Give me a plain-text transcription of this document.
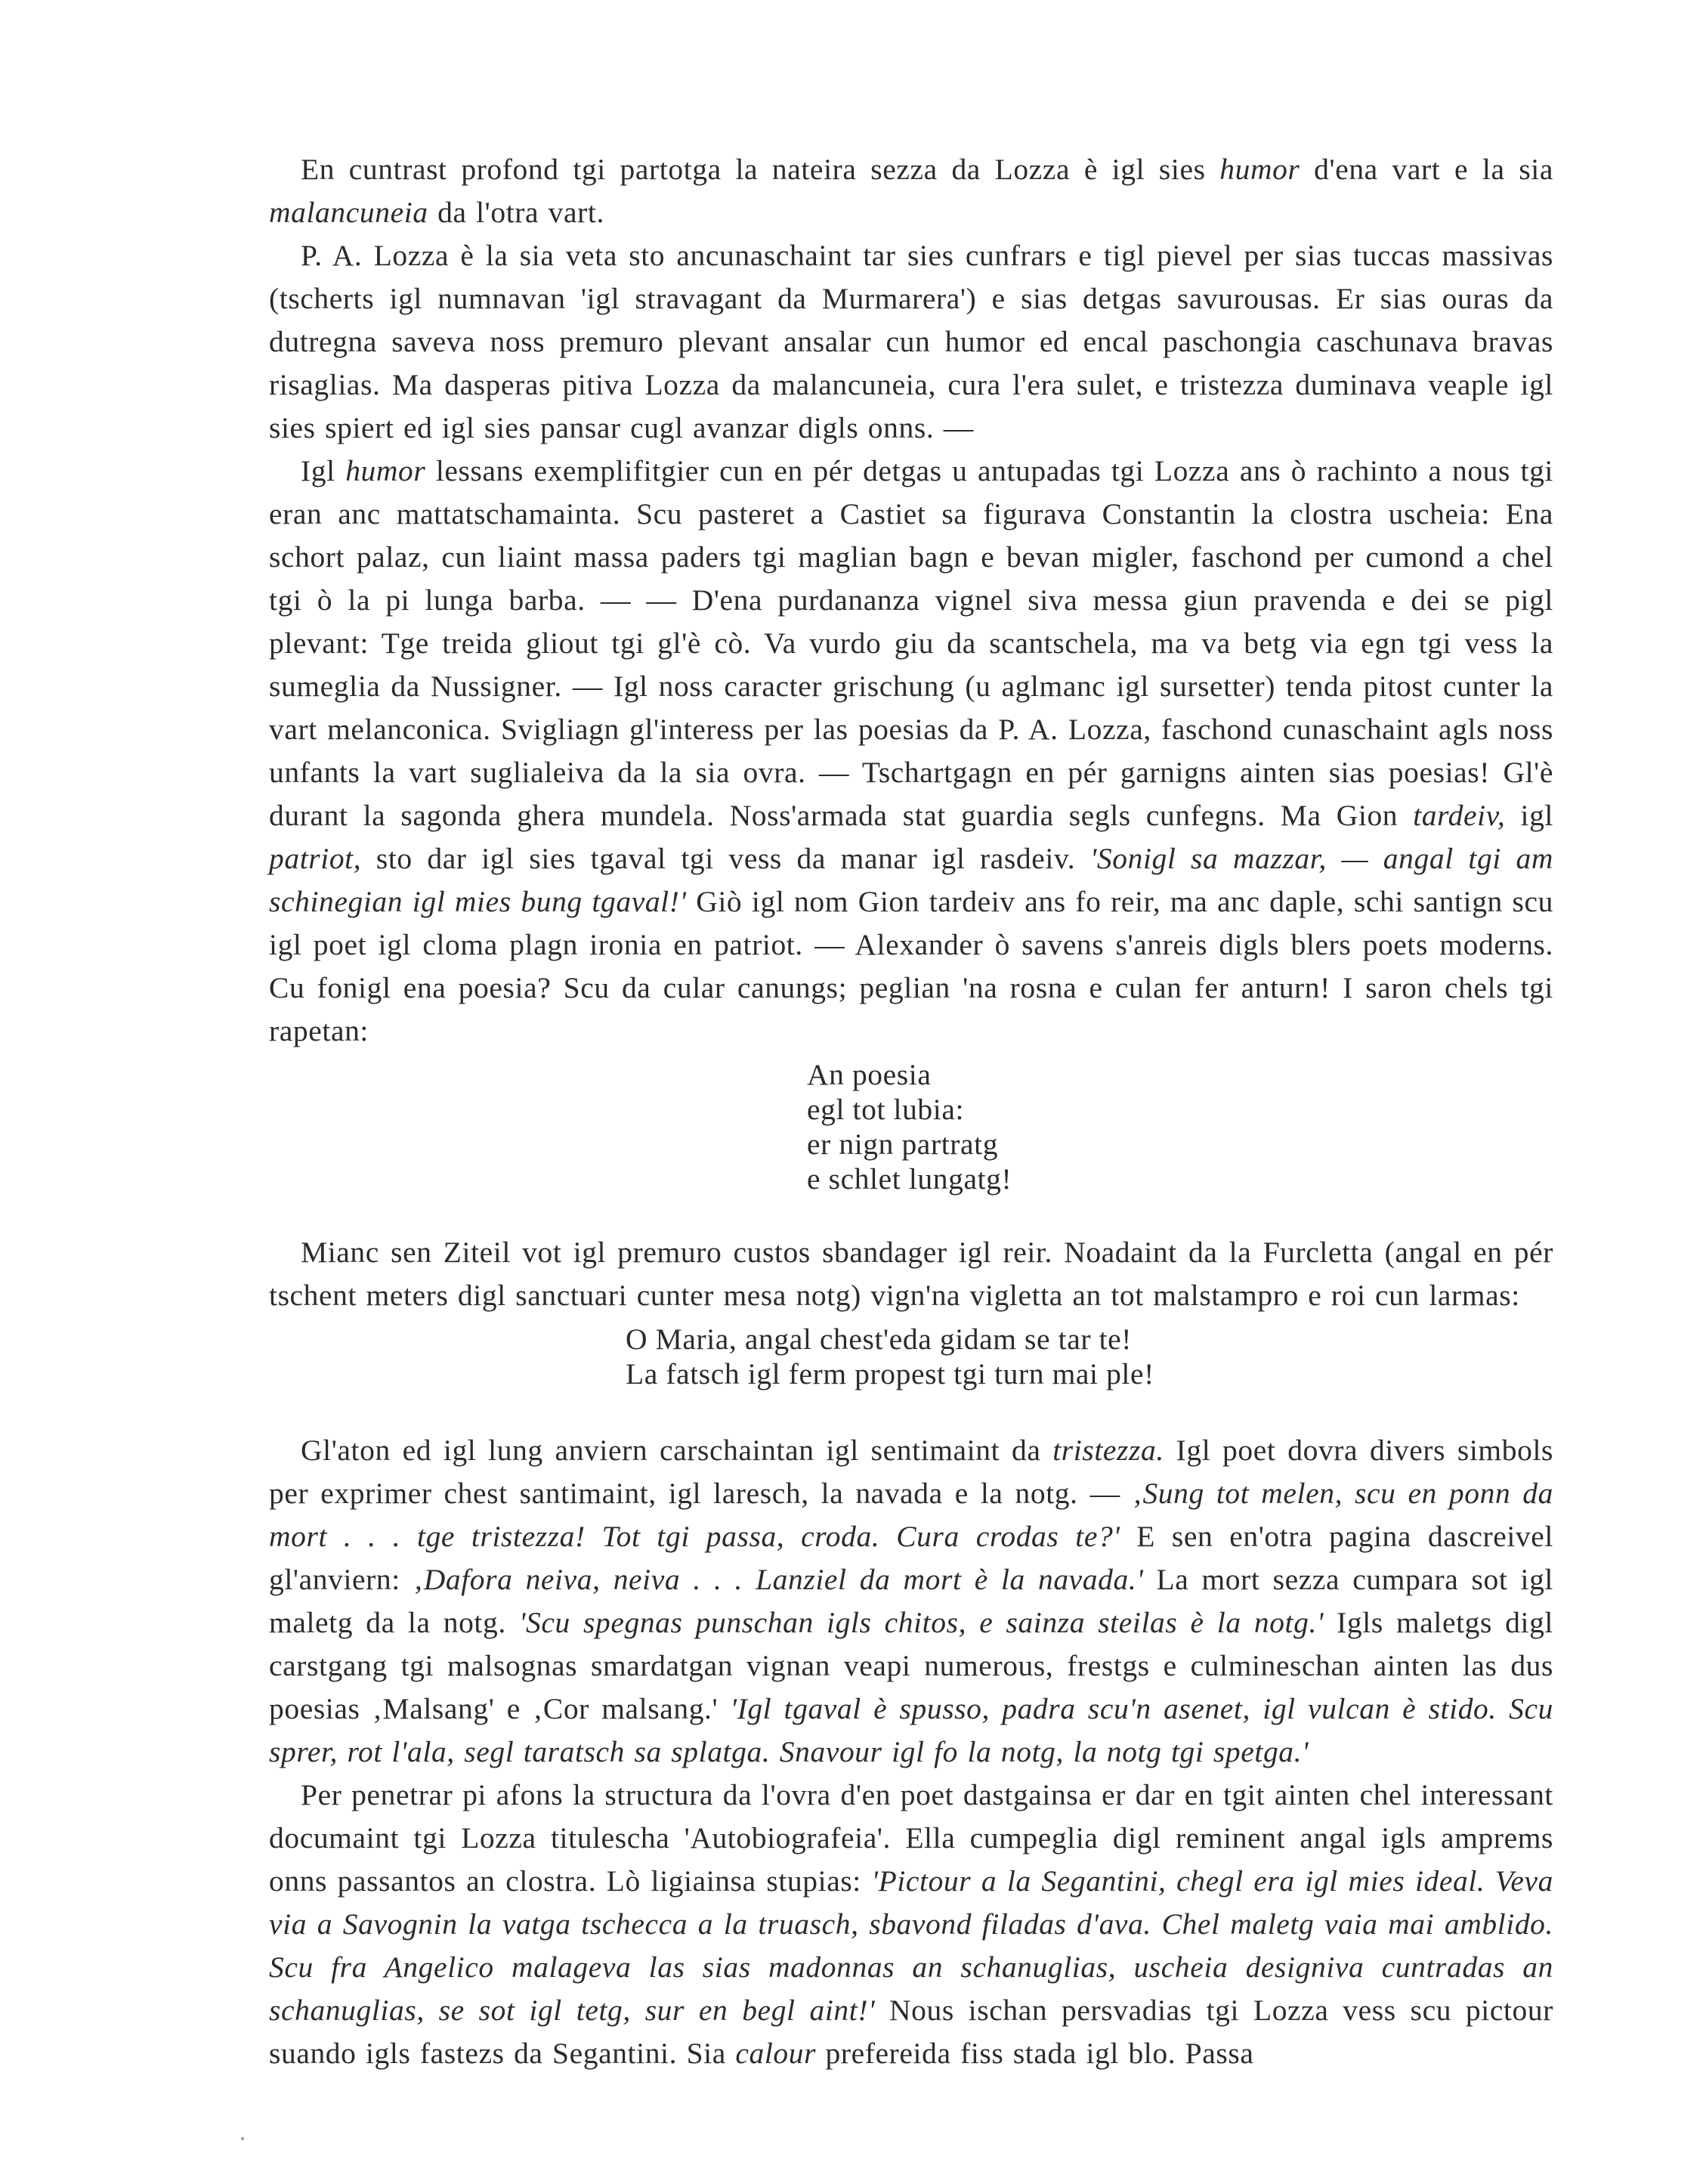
En cuntrast profond tgi partotga la nateira sezza da Lozza è igl sies humor d'ena vart e la sia malancuneia da l'otra vart.

P. A. Lozza è la sia veta sto ancunaschaint tar sies cunfrars e tigl pievel per sias tuccas massivas (tscherts igl numnavan 'igl stravagant da Murmarera') e sias detgas savurousas. Er sias ouras da dutregna saveva noss premuro plevant ansalar cun humor ed encal paschongia caschunava bravas risaglias. Ma dasperas pitiva Lozza da malancuneia, cura l'era sulet, e tristezza duminava veaple igl sies spiert ed igl sies pansar cugl avanzar digls onns. —

Igl humor lessans exemplifitgier cun en pér detgas u antupadas tgi Lozza ans ò rachinto a nous tgi eran anc mattatschamainta. Scu pasteret a Castiet sa figurava Constantin la clostra uscheia: Ena schort palaz, cun liaint massa paders tgi maglian bagn e bevan migler, faschond per cumond a chel tgi ò la pi lunga barba. — — D'ena purdananza vignel siva messa giun pravenda e dei se pigl plevant: Tge treida gliout tgi gl'è cò. Va vurdo giu da scantschela, ma va betg via egn tgi vess la sumeglia da Nussigner. — Igl noss caracter grischung (u aglmanc igl sursetter) tenda pitost cunter la vart melanconica. Svigliagn gl'interess per las poesias da P. A. Lozza, faschond cunaschaint agls noss unfants la vart suglialeiva da la sia ovra. — Tschartgagn en pér garnigns ainten sias poesias! Gl'è durant la sagonda ghera mundela. Noss'armada stat guardia segls cunfegns. Ma Gion tardeiv, igl patriot, sto dar igl sies tgaval tgi vess da manar igl rasdeiv. 'Sonigl sa mazzar, — angal tgi am schinegian igl mies bung tgaval!' Giò igl nom Gion tardeiv ans fo reir, ma anc daple, schi santign scu igl poet igl cloma plagn ironia en patriot. — Alexander ò savens s'anreis digls blers poets moderns. Cu fonigl ena poesia? Scu da cular canungs; peglian 'na rosna e culan fer anturn! I saron chels tgi rapetan:

An poesia
egl tot lubia:
er nign partratg
e schlet lungatg!

Mianc sen Ziteil vot igl premuro custos sbandager igl reir. Noadaint da la Furcletta (angal en pér tschent meters digl sanctuari cunter mesa notg) vign'na vigletta an tot malstampro e roi cun larmas:

O Maria, angal chest'eda gidam se tar te!
La fatsch igl ferm propest tgi turn mai ple!

Gl'aton ed igl lung anviern carschaintan igl sentimaint da tristezza. Igl poet dovra divers simbols per exprimer chest santimaint, igl laresch, la navada e la notg. — ‚Sung tot melen, scu en ponn da mort . . . tge tristezza! Tot tgi passa, croda. Cura crodas te?' E sen en'otra pagina dascreivel gl'anviern: ‚Dafora neiva, neiva . . . Lanziel da mort è la navada.' La mort sezza cumpara sot igl maletg da la notg. 'Scu spegnas punschan igls chitos, e sainza steilas è la notg.' Igls maletgs digl carstgang tgi malsognas smardatgan vignan veapi numerous, frestgs e culmineschan ainten las dus poesias ‚Malsang' e ‚Cor malsang.' 'Igl tgaval è spusso, padra scu'n asenet, igl vulcan è stido. Scu sprer, rot l'ala, segl taratsch sa splatga. Snavour igl fo la notg, la notg tgi spetga.'

Per penetrar pi afons la structura da l'ovra d'en poet dastgainsa er dar en tgit ainten chel interessant documaint tgi Lozza titulescha 'Autobiografeia'. Ella cumpeglia digl reminent angal igls amprems onns passantos an clostra. Lò ligiainsa stupias: 'Pictour a la Segantini, chegl era igl mies ideal. Veva via a Savognin la vatga tschecca a la truasch, sbavond filadas d'ava. Chel maletg vaia mai amblido. Scu fra Angelico malageva las sias madonnas an schanuglias, uscheia designiva cuntradas an schanuglias, se sot igl tetg, sur en begl aint!' Nous ischan persvadias tgi Lozza vess scu pictour suando igls fastezs da Segantini. Sia calour prefereida fiss stada igl blo. Passa
